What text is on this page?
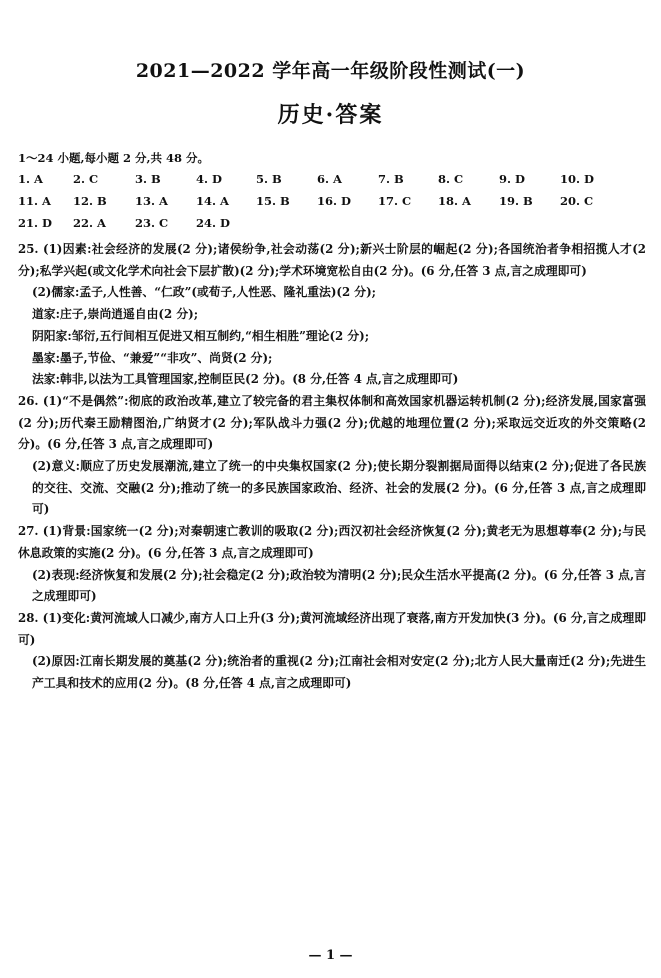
2021—2022 学年高一年级阶段性测试(一)
历史·答案
1～24 小题,每小题 2 分,共 48 分。
1. A	2. C	3. B	4. D	5. B	6. A	7. B	8. C	9. D	10. D
11. A 12. B 13. A 14. A 15. B 16. D 17. C 18. A 19. B 20. C
21. D 22. A	23. C 24. D

25. (1)因素:社会经济的发展(2 分);诸侯纷争,社会动荡(2 分);新兴士阶层的崛起(2 分);各国统治者争相招揽人才(2 分);私学兴起(或文化学术向社会下层扩散)(2 分);学术环境宽松自由(2 分)。(6 分,任答 3 点,言之成理即可)

(2)儒家:孟子,人性善、“仁政”(或荀子,人性恶、隆礼重法)(2 分);

道家:庄子,崇尚逍遥自由(2 分);

阴阳家:邹衍,五行间相互促进又相互制约,“相生相胜”理论(2 分);

墨家:墨子,节俭、“兼爱”“非攻”、尚贤(2 分);

法家:韩非,以法为工具管理国家,控制臣民(2 分)。(8 分,任答 4 点,言之成理即可)

26. (1)“不是偶然”:彻底的政治改革,建立了较完备的君主集权体制和高效国家机器运转机制(2 分);经济发展,国家富强(2 分);历代秦王励精图治,广纳贤才(2 分);军队战斗力强(2 分);优越的地理位置(2 分);采取远交近攻的外交策略(2 分)。(6 分,任答 3 点,言之成理即可)

(2)意义:顺应了历史发展潮流,建立了统一的中央集权国家(2 分);使长期分裂割据局面得以结束(2 分);促进了各民族的交往、交流、交融(2 分);推动了统一的多民族国家政治、经济、社会的发展(2 分)。(6 分,任答 3 点,言之成理即可)

27. (1)背景:国家统一(2 分);对秦朝速亡教训的吸取(2 分);西汉初社会经济恢复(2 分);黄老无为思想尊奉(2 分);与民休息政策的实施(2 分)。(6 分,任答 3 点,言之成理即可)

(2)表现:经济恢复和发展(2 分);社会稳定(2 分);政治较为清明(2 分);民众生活水平提高(2 分)。(6 分,任答 3 点,言之成理即可)

28. (1)变化:黄河流域人口减少,南方人口上升(3 分);黄河流域经济出现了衰落,南方开发加快(3 分)。(6 分,言之成理即可)

(2)原因:江南长期发展的奠基(2 分);统治者的重视(2 分);江南社会相对安定(2 分);北方人民大量南迁(2 分);先进生产工具和技术的应用(2 分)。(8 分,任答 4 点,言之成理即可)

— 1 —
